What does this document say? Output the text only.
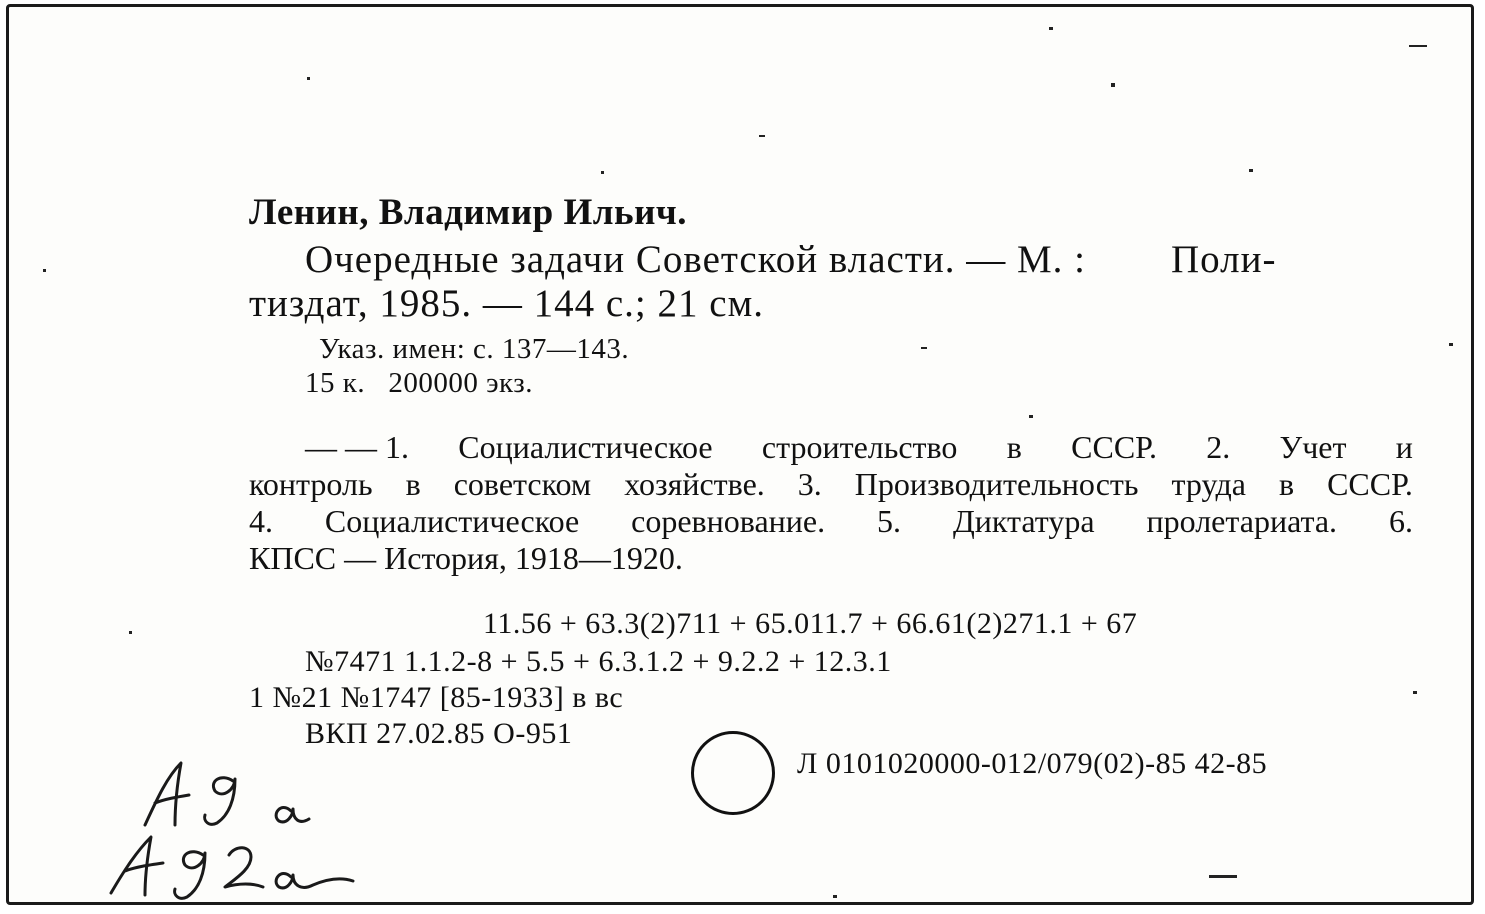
Ленин, Владимир Ильич.
Очередные задачи Советской власти. — М. : Поли-
тиздат, 1985. — 144 с.; 21 см.
Указ. имен: с. 137—143.
15 к.   200000 экз.
— — 1. Социалистическое строительство в СССР. 2. Учет и
контроль в советском хозяйстве. 3. Производительность труда в СССР.
4. Социалистическое соревнование. 5. Диктатура пролетариата. 6.
КПСС — История, 1918—1920.
11.56 + 63.3(2)711 + 65.011.7 + 66.61(2)271.1 + 67
№7471 1.1.2-8 + 5.5 + 6.3.1.2 + 9.2.2 + 12.3.1
1 №21 №1747 [85-1933] в вс
ВКП 27.02.85 О-951
Л 0101020000-012/079(02)-85 42-85
